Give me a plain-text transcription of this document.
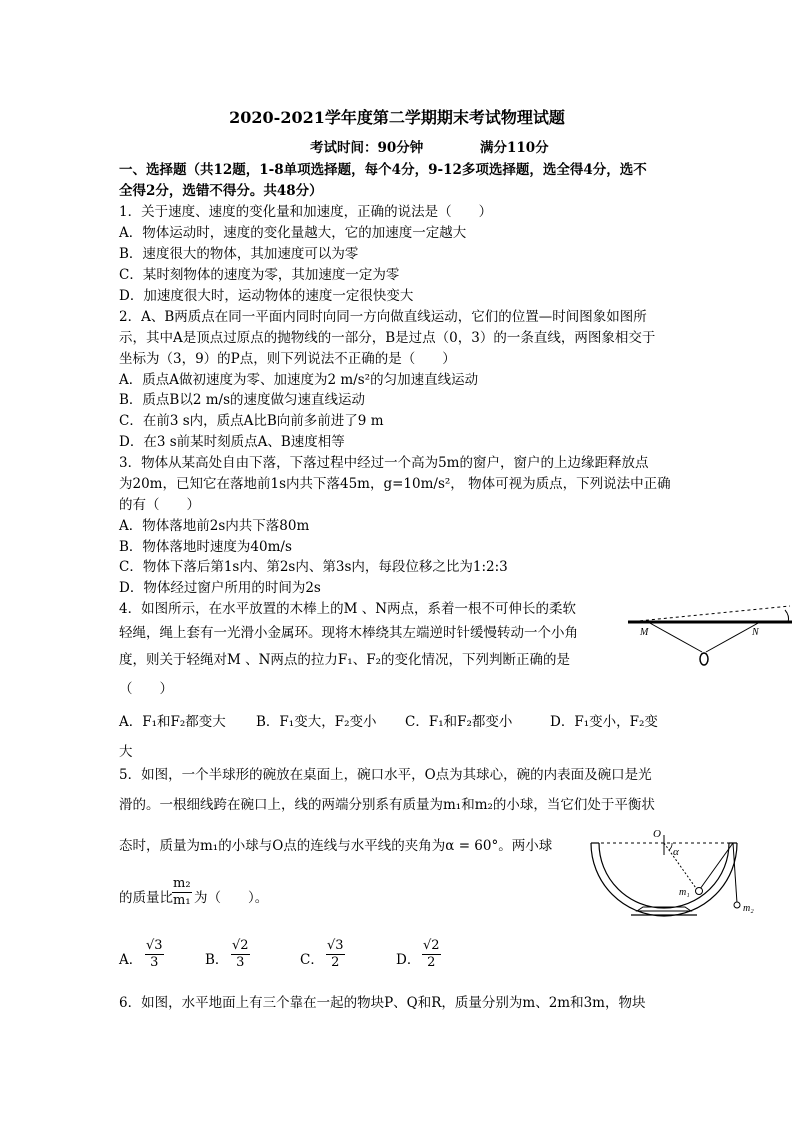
2020-2021学年度第二学期期末考试物理试题
考试时间：90分钟	满分110分
一、选择题（共12题，1-8单项选择题，每个4分，9-12多项选择题，选全得4分，选不
全得2分，选错不得分。共48分）
1．关于速度、速度的变化量和加速度，正确的说法是（　　）
A．物体运动时，速度的变化量越大，它的加速度一定越大
B．速度很大的物体，其加速度可以为零
C．某时刻物体的速度为零，其加速度一定为零
D．加速度很大时，运动物体的速度一定很快变大
2．A、B两质点在同一平面内同时向同一方向做直线运动，它们的位置—时间图象如图所
示，其中A是顶点过原点的抛物线的一部分，B是过点（0，3）的一条直线，两图象相交于
坐标为（3，9）的P点，则下列说法不正确的是（　　）
A．质点A做初速度为零、加速度为2 m/s²的匀加速直线运动
B．质点B以2 m/s的速度做匀速直线运动
C．在前3 s内，质点A比B向前多前进了9 m
D．在3 s前某时刻质点A、B速度相等
3．物体从某高处自由下落，下落过程中经过一个高为5m的窗户，窗户的上边缘距释放点
为20m，已知它在落地前1s内共下落45m，g=10m/s²， 物体可视为质点，下列说法中正确
的有（　　）
A．物体落地前2s内共下落80m
B．物体落地时速度为40m/s
C．物体下落后第1s内、第2s内、第3s内，每段位移之比为1:2:3
D．物体经过窗户所用的时间为2s
4．如图所示，在水平放置的木棒上的M 、N两点，系着一根不可伸长的柔软
轻绳，绳上套有一光滑小金属环。现将木棒绕其左端逆时针缓慢转动一个小角
度，则关于轻绳对M 、N两点的拉力F₁、F₂的变化情况，下列判断正确的是
（　　）
A．F₁和F₂都变大 B．F₁变大，F₂变小 C．F₁和F₂都变小	D．F₁变小，F₂变
大
M	N
5．如图，一个半球形的碗放在桌面上，碗口水平，O点为其球心，碗的内表面及碗口是光
滑的。一根细线跨在碗口上，线的两端分别系有质量为m₁和m₂的小球，当它们处于平衡状
态时，质量为m₁的小球与O点的连线与水平线的夹角为α = 60°。两小球
的质量比 $\frac{\text{m₂}}{\text{m₁}}$ 为（　　）。
A． $\frac{√3}{3}$	B． $\frac{√2}{3}$	C． $\frac{√3}{2}$	D． $\frac{√2}{2}$
O
α
m₁
m₂
6．如图，水平地面上有三个靠在一起的物块P、Q和R，质量分别为m、2m和3m，物块
